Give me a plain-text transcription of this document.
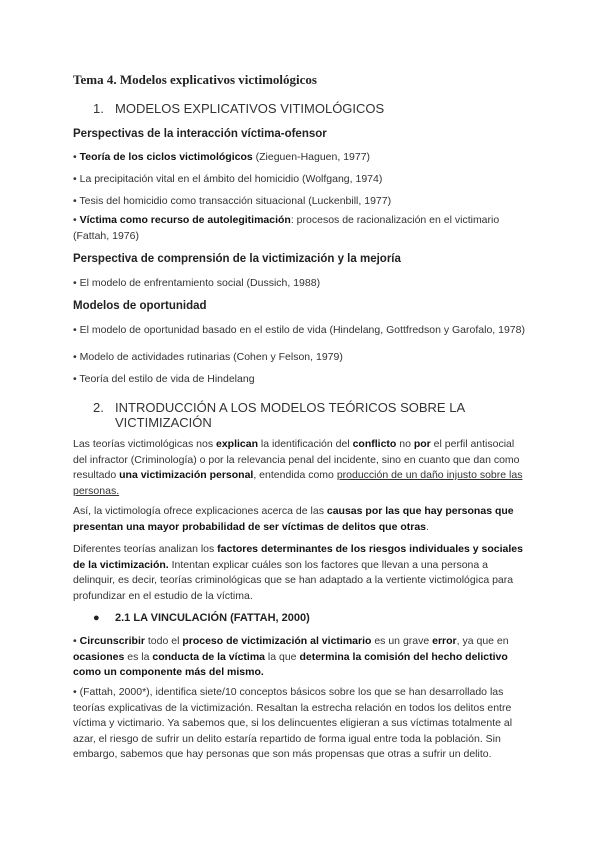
Tema 4. Modelos explicativos victimológicos
1. MODELOS EXPLICATIVOS VITIMOLÓGICOS
Perspectivas de la interacción víctima-ofensor
• Teoría de los ciclos victimológicos (Zieguen-Haguen, 1977)
• La precipitación vital en el ámbito del homicidio (Wolfgang, 1974)
• Tesis del homicidio como transacción situacional (Luckenbill, 1977)
• Víctima como recurso de autolegitimación: procesos de racionalización en el victimario (Fattah, 1976)
Perspectiva de comprensión de la victimización y la mejoría
• El modelo de enfrentamiento social (Dussich, 1988)
Modelos de oportunidad
• El modelo de oportunidad basado en el estilo de vida (Hindelang, Gottfredson y Garofalo, 1978)
• Modelo de actividades rutinarias (Cohen y Felson, 1979)
• Teoría del estilo de vida de Hindelang
2. INTRODUCCIÓN A LOS MODELOS TEÓRICOS SOBRE LA
VICTIMIZACIÓN
Las teorías victimológicas nos explican la identificación del conflicto no por el perfil antisocial del infractor (Criminología) o por la relevancia penal del incidente, sino en cuanto que dan como resultado una victimización personal, entendida como producción de un daño injusto sobre las personas.
Así, la victimología ofrece explicaciones acerca de las causas por las que hay personas que presentan una mayor probabilidad de ser víctimas de delitos que otras.
Diferentes teorías analizan los factores determinantes de los riesgos individuales y sociales de la victimización. Intentan explicar cuáles son los factores que llevan a una persona a delinquir, es decir, teorías criminológicas que se han adaptado a la vertiente victimológica para profundizar en el estudio de la víctima.
● 2.1 LA VINCULACIÓN (FATTAH, 2000)
• Circunscribir todo el proceso de victimización al victimario es un grave error, ya que en ocasiones es la conducta de la víctima la que determina la comisión del hecho delictivo como un componente más del mismo.
• (Fattah, 2000*), identifica siete/10 conceptos básicos sobre los que se han desarrollado las teorías explicativas de la victimización. Resaltan la estrecha relación en todos los delitos entre víctima y victimario. Ya sabemos que, si los delincuentes eligieran a sus víctimas totalmente al azar, el riesgo de sufrir un delito estaría repartido de forma igual entre toda la población. Sin embargo, sabemos que hay personas que son más propensas que otras a sufrir un delito.
